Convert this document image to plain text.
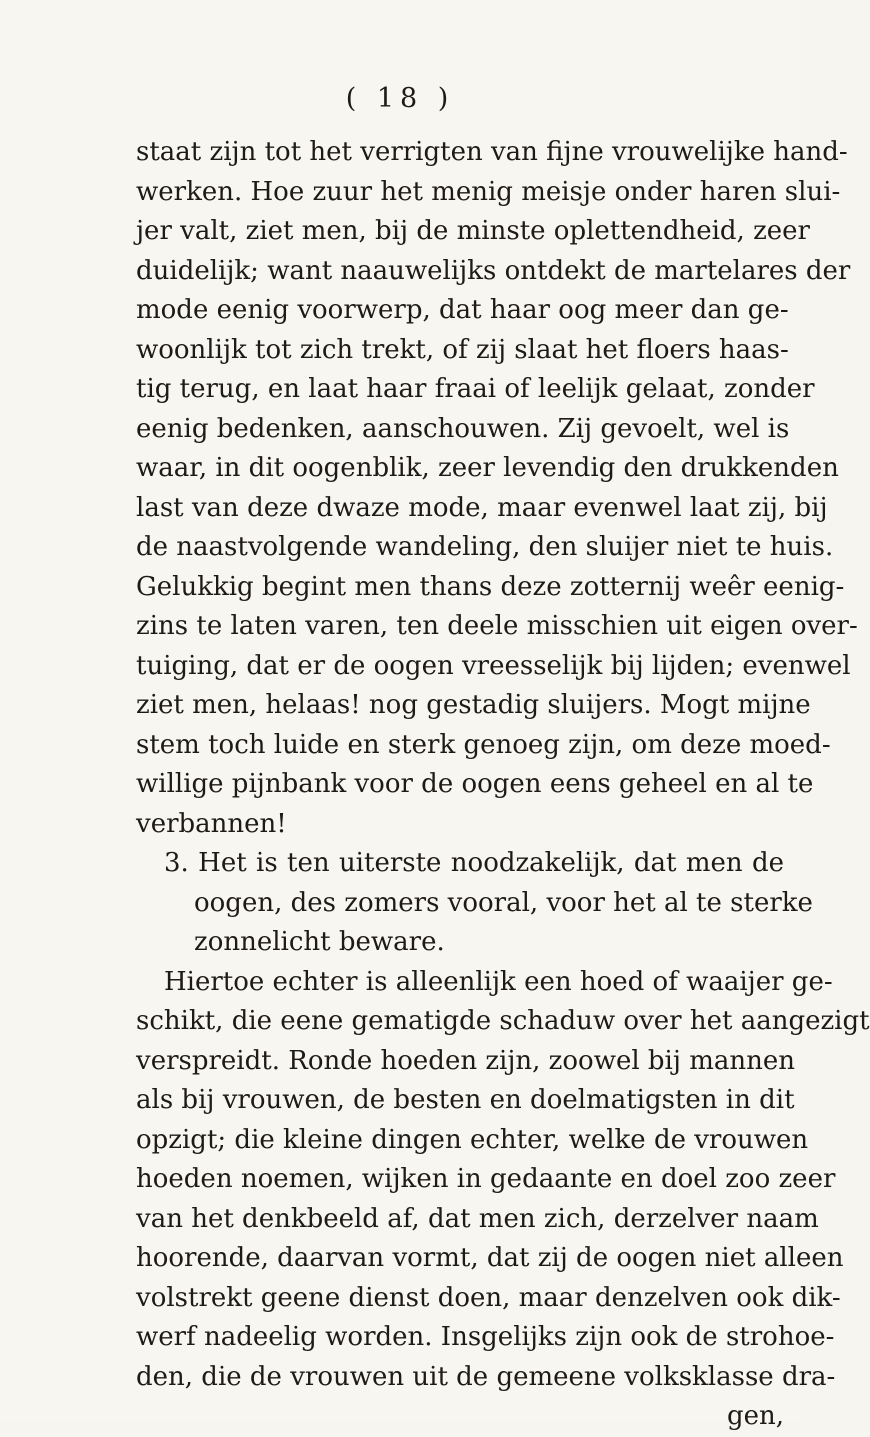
( 18 )
staat zijn tot het verrigten van fijne vrouwelijke hand-
werken. Hoe zuur het menig meisje onder haren slui-
jer valt, ziet men, bij de minste oplettendheid, zeer
duidelijk; want naauwelijks ontdekt de martelares der
mode eenig voorwerp, dat haar oog meer dan ge-
woonlijk tot zich trekt, of zij slaat het floers haas-
tig terug, en laat haar fraai of leelijk gelaat, zonder
eenig bedenken, aanschouwen. Zij gevoelt, wel is
waar, in dit oogenblik, zeer levendig den drukkenden
last van deze dwaze mode, maar evenwel laat zij, bij
de naastvolgende wandeling, den sluijer niet te huis.
Gelukkig begint men thans deze zotternij weêr eenig-
zins te laten varen, ten deele misschien uit eigen over-
tuiging, dat er de oogen vreesselijk bij lijden; evenwel
ziet men, helaas! nog gestadig sluijers. Mogt mijne
stem toch luide en sterk genoeg zijn, om deze moed-
willige pijnbank voor de oogen eens geheel en al te
verbannen!
3. Het is ten uiterste noodzakelijk, dat men de
oogen, des zomers vooral, voor het al te sterke
zonnelicht beware.
Hiertoe echter is alleenlijk een hoed of waaijer ge-
schikt, die eene gematigde schaduw over het aangezigt
verspreidt. Ronde hoeden zijn, zoowel bij mannen
als bij vrouwen, de besten en doelmatigsten in dit
opzigt; die kleine dingen echter, welke de vrouwen
hoeden noemen, wijken in gedaante en doel zoo zeer
van het denkbeeld af, dat men zich, derzelver naam
hoorende, daarvan vormt, dat zij de oogen niet alleen
volstrekt geene dienst doen, maar denzelven ook dik-
werf nadeelig worden. Insgelijks zijn ook de strohoe-
den, die de vrouwen uit de gemeene volksklasse dra-
gen,
